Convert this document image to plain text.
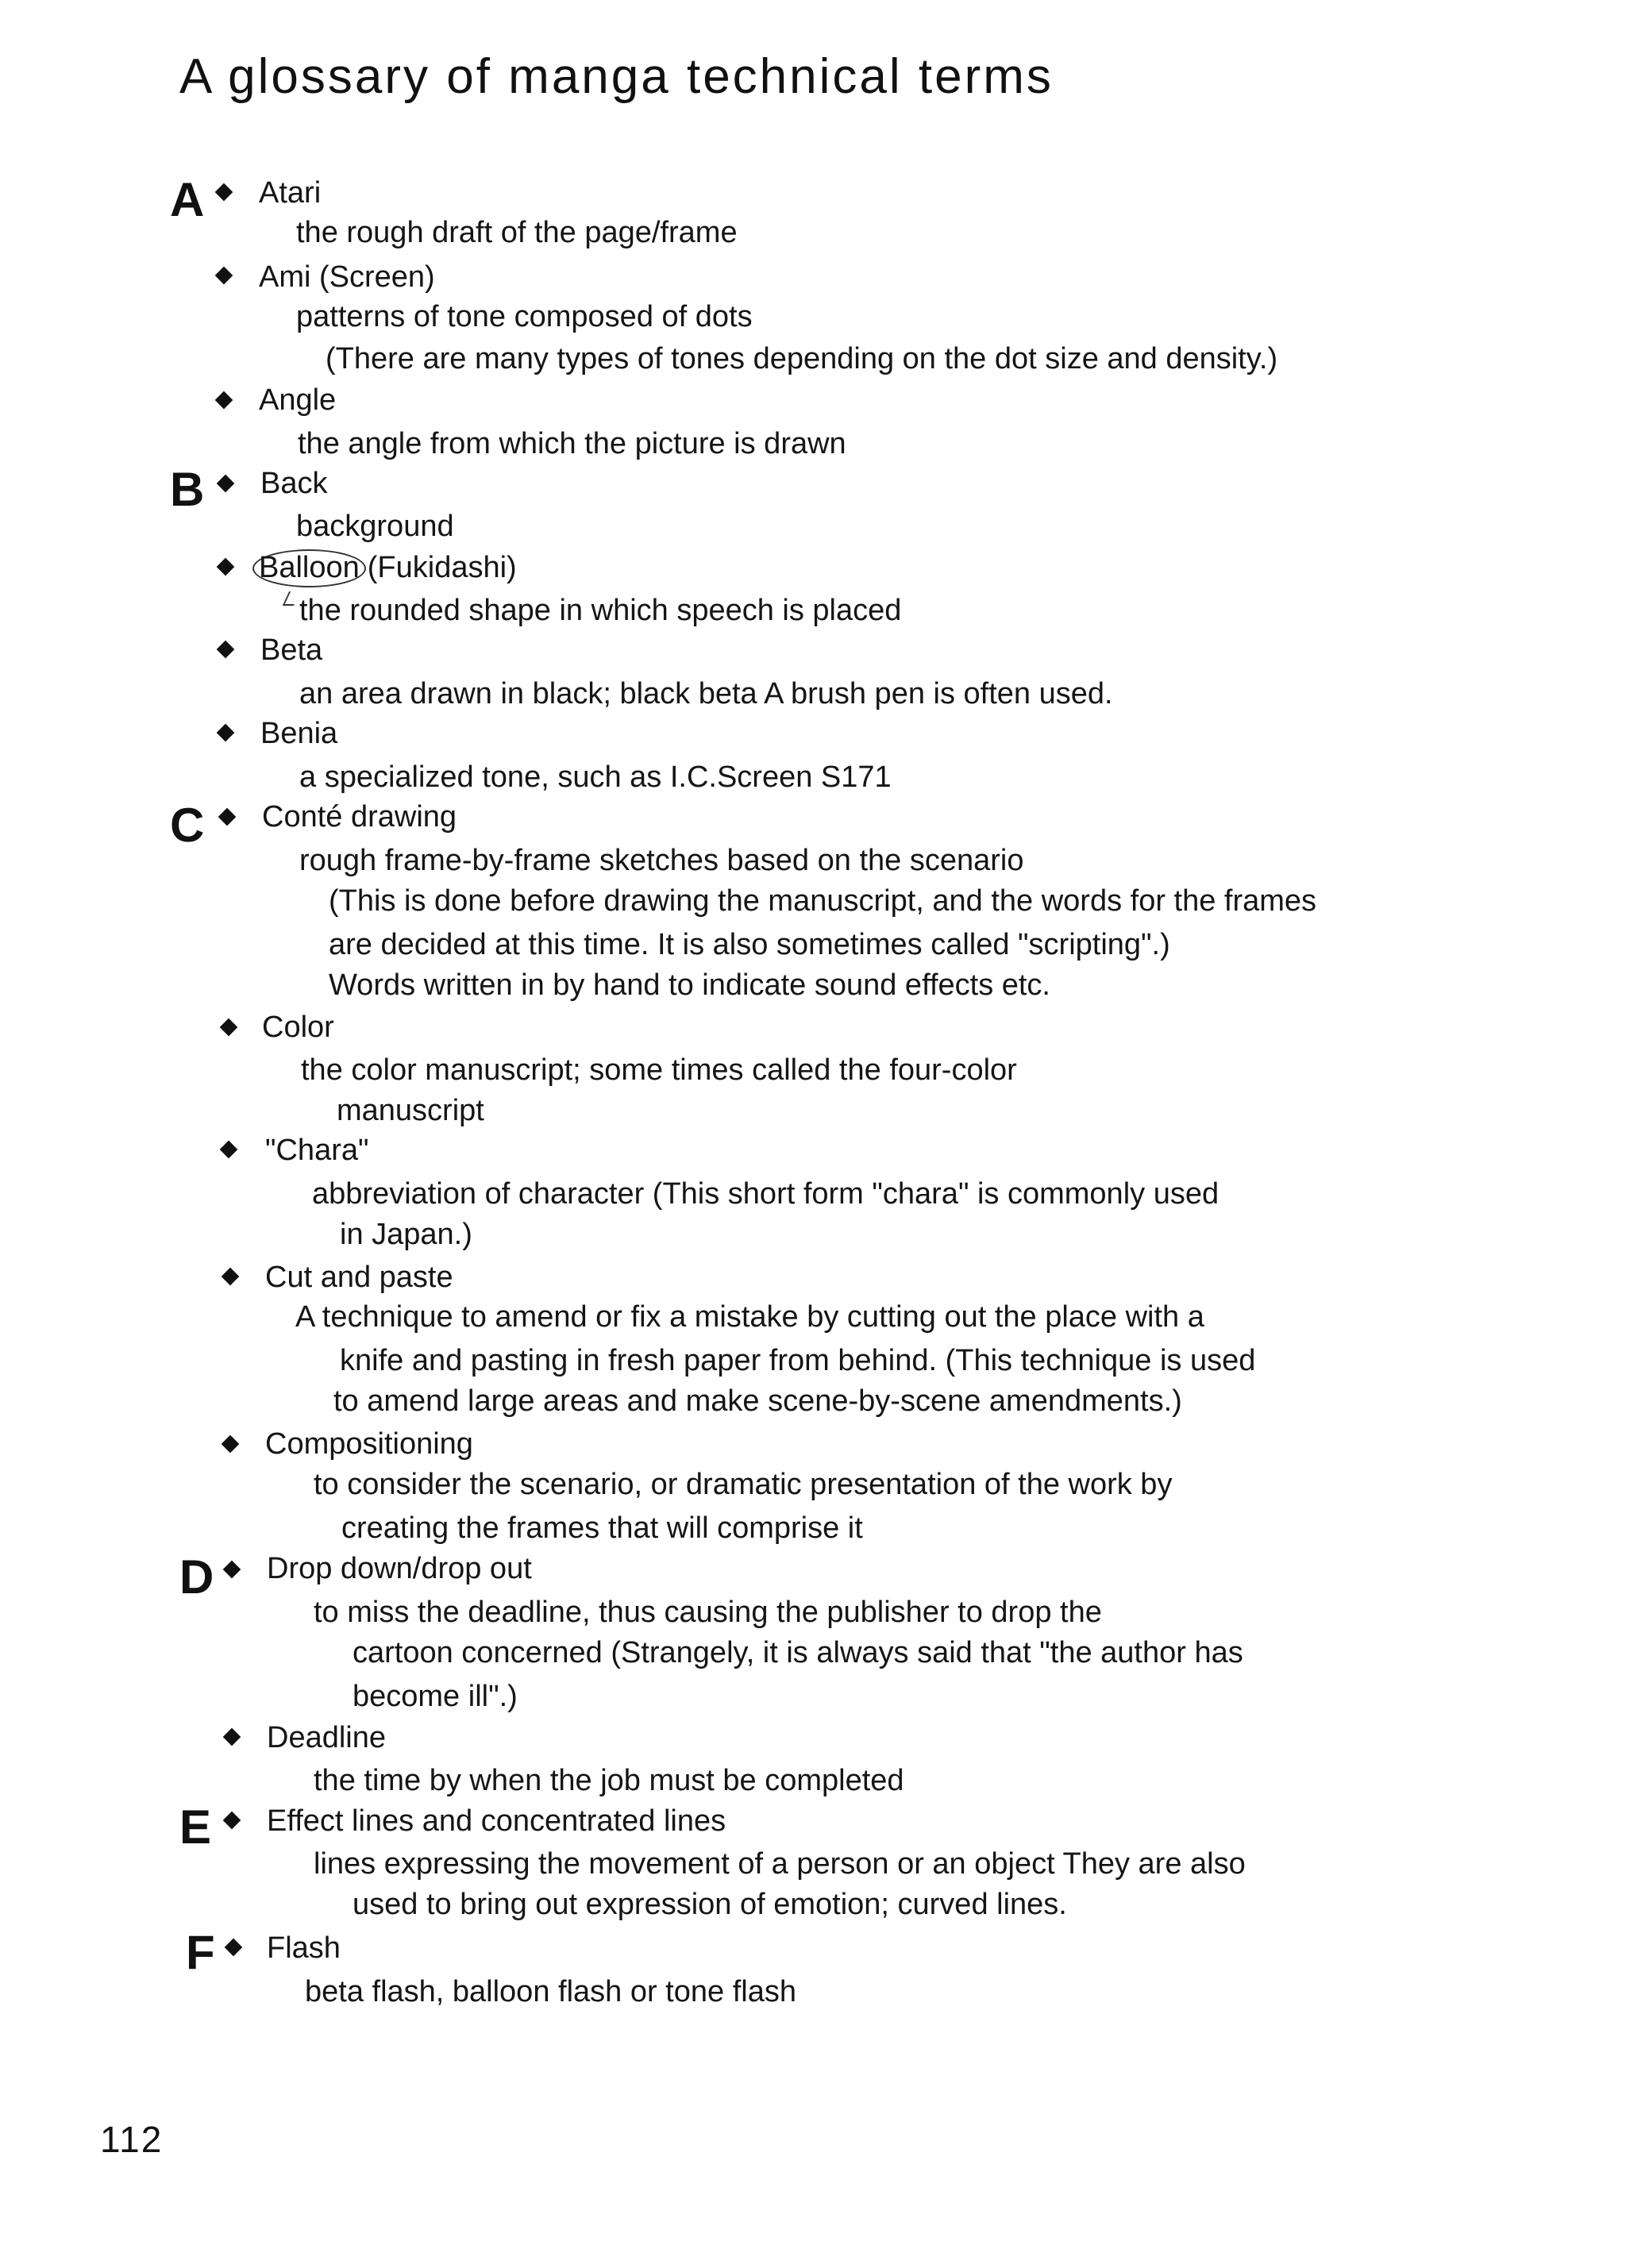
A glossary of manga technical terms
A Atari
the rough draft of the page/frame
Ami (Screen)
patterns of tone composed of dots
(There are many types of tones depending on the dot size and density.)
Angle
the angle from which the picture is drawn
B Back
background
Balloon (Fukidashi)
the rounded shape in which speech is placed
Beta
an area drawn in black; black beta A brush pen is often used.
Benia
a specialized tone, such as I.C.Screen S171
C Conté drawing
rough frame-by-frame sketches based on the scenario
(This is done before drawing the manuscript, and the words for the frames
are decided at this time. It is also sometimes called "scripting".)
Words written in by hand to indicate sound effects etc.
Color
the color manuscript; some times called the four-color
manuscript
"Chara"
abbreviation of character (This short form "chara" is commonly used
in Japan.)
Cut and paste
A technique to amend or fix a mistake by cutting out the place with a
knife and pasting in fresh paper from behind. (This technique is used
to amend large areas and make scene-by-scene amendments.)
Compositioning
to consider the scenario, or dramatic presentation of the work by
creating the frames that will comprise it
D Drop down/drop out
to miss the deadline, thus causing the publisher to drop the
cartoon concerned (Strangely, it is always said that "the author has
become ill".)
Deadline
the time by when the job must be completed
E Effect lines and concentrated lines
lines expressing the movement of a person or an object They are also
used to bring out expression of emotion; curved lines.
F Flash
beta flash, balloon flash or tone flash
112
